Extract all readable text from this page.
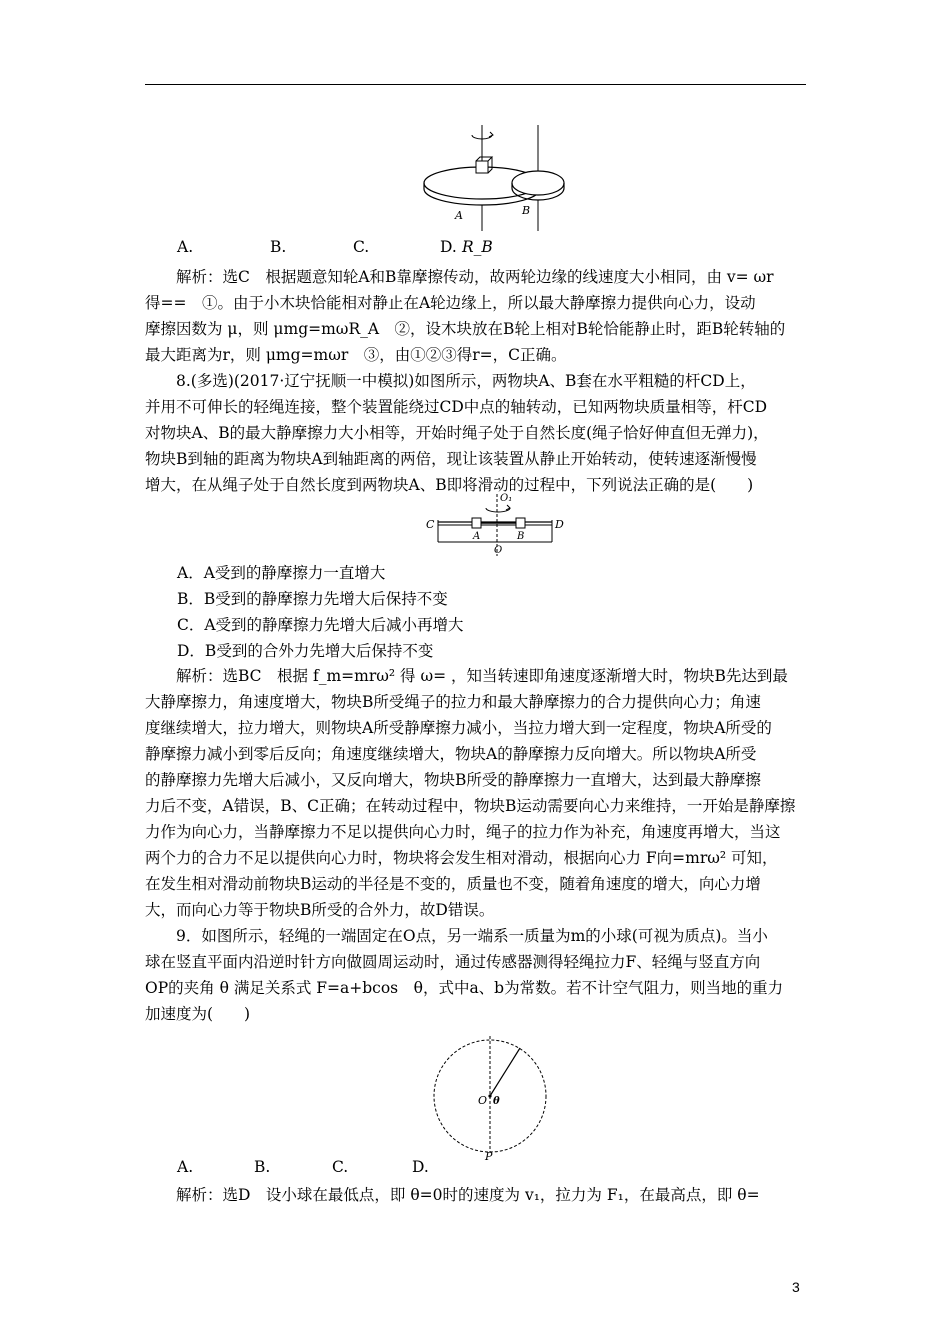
A	B
A.	B.	C.	D. R_B
解析：选C　根据题意知轮A和B靠摩擦传动，故两轮边缘的线速度大小相同，由 v= ωr
得==　①。由于小木块恰能相对静止在A轮边缘上，所以最大静摩擦力提供向心力，设动
摩擦因数为 μ，则 μmg=mωR_A　②，设木块放在B轮上相对B轮恰能静止时，距B轮转轴的
最大距离为r，则 μmg=mωr　③，由①②③得r=，C正确。
8.(多选)(2017·辽宁抚顺一中模拟)如图所示，两物块A、B套在水平粗糙的杆CD上，
并用不可伸长的轻绳连接，整个装置能绕过CD中点的轴转动，已知两物块质量相等，杆CD
对物块A、B的最大静摩擦力大小相等，开始时绳子处于自然长度(绳子恰好伸直但无弹力)，
物块B到轴的距离为物块A到轴距离的两倍，现让该装置从静止开始转动，使转速逐渐慢慢
增大，在从绳子处于自然长度到两物块A、B即将滑动的过程中，下列说法正确的是(　　)
C	D
A	B
O
O₁
A．A受到的静摩擦力一直增大
B．B受到的静摩擦力先增大后保持不变
C．A受到的静摩擦力先增大后减小再增大
D．B受到的合外力先增大后保持不变
解析：选BC　根据 f_m=mrω² 得 ω= ，知当转速即角速度逐渐增大时，物块B先达到最
大静摩擦力，角速度增大，物块B所受绳子的拉力和最大静摩擦力的合力提供向心力；角速
度继续增大，拉力增大，则物块A所受静摩擦力减小，当拉力增大到一定程度，物块A所受的
静摩擦力减小到零后反向；角速度继续增大，物块A的静摩擦力反向增大。所以物块A所受
的静摩擦力先增大后减小，又反向增大，物块B所受的静摩擦力一直增大，达到最大静摩擦
力后不变，A错误，B、C正确；在转动过程中，物块B运动需要向心力来维持，一开始是静摩擦
力作为向心力，当静摩擦力不足以提供向心力时，绳子的拉力作为补充，角速度再增大，当这
两个力的合力不足以提供向心力时，物块将会发生相对滑动，根据向心力 F向=mrω² 可知，
在发生相对滑动前物块B运动的半径是不变的，质量也不变，随着角速度的增大，向心力增
大，而向心力等于物块B所受的合外力，故D错误。
9．如图所示，轻绳的一端固定在O点，另一端系一质量为m的小球(可视为质点)。当小
球在竖直平面内沿逆时针方向做圆周运动时，通过传感器测得轻绳拉力F、轻绳与竖直方向
OP的夹角 θ 满足关系式 F=a+bcos　θ，式中a、b为常数。若不计空气阻力，则当地的重力
加速度为(　　)
O θ
P
A.	B.	C.	D.
解析：选D　设小球在最低点，即 θ=0时的速度为 v₁，拉力为 F₁，在最高点，即 θ=
3
